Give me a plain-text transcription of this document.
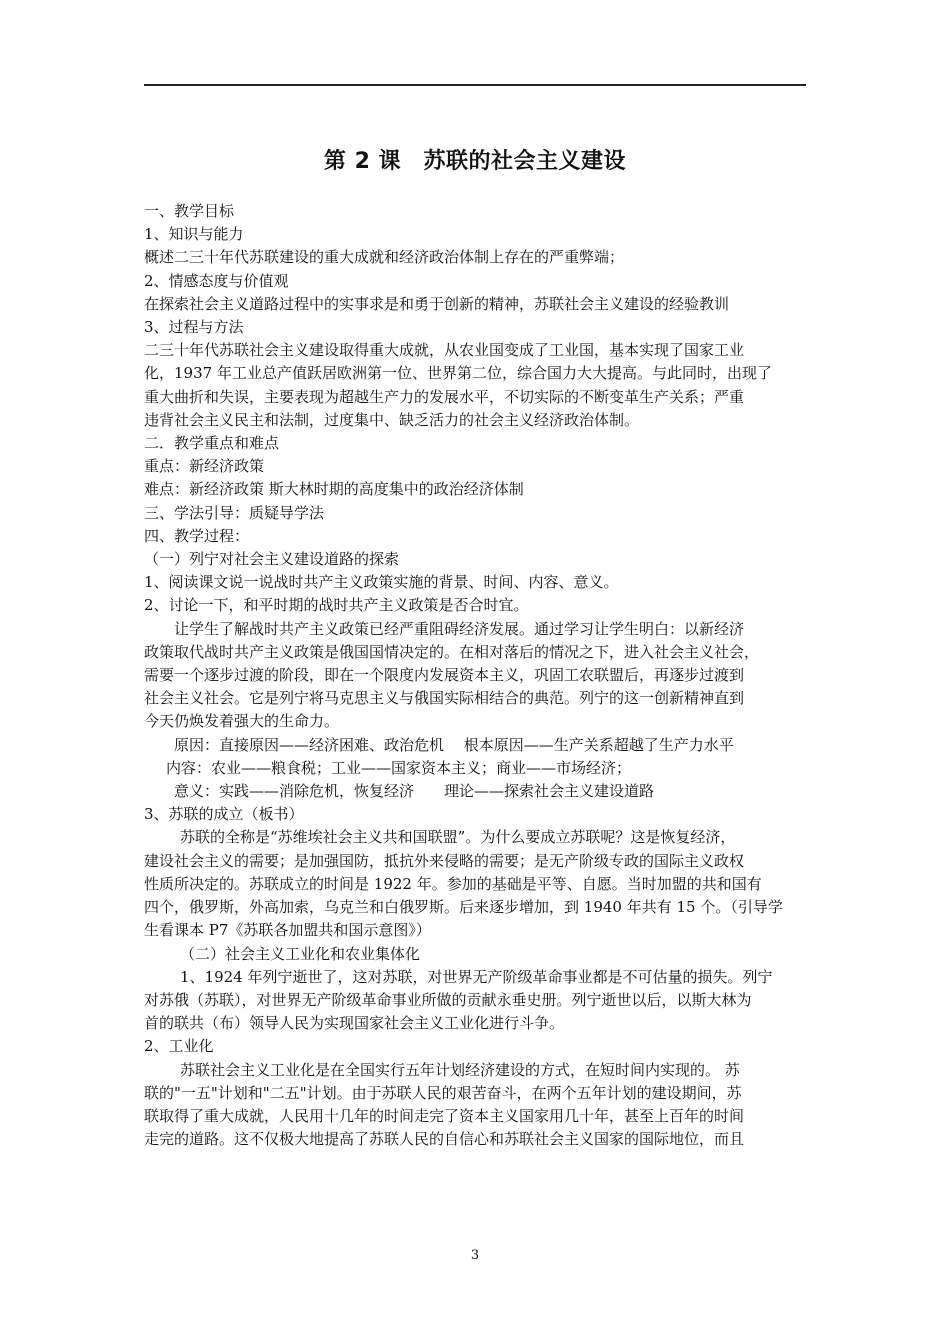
第 2 课　苏联的社会主义建设

一、教学目标

1、知识与能力

概述二三十年代苏联建设的重大成就和经济政治体制上存在的严重弊端；

2、情感态度与价值观

在探索社会主义道路过程中的实事求是和勇于创新的精神，苏联社会主义建设的经验教训

3、过程与方法

二三十年代苏联社会主义建设取得重大成就，从农业国变成了工业国，基本实现了国家工业

化，1937 年工业总产值跃居欧洲第一位、世界第二位，综合国力大大提高。与此同时，出现了

重大曲折和失误，主要表现为超越生产力的发展水平，不切实际的不断变革生产关系；严重

违背社会主义民主和法制，过度集中、缺乏活力的社会主义经济政治体制。

二．教学重点和难点

重点：新经济政策

难点：新经济政策 斯大林时期的高度集中的政治经济体制

三、学法引导：质疑导学法

四、教学过程：

（一）列宁对社会主义建设道路的探索

1、阅读课文说一说战时共产主义政策实施的背景、时间、内容、意义。

2、讨论一下，和平时期的战时共产主义政策是否合时宜。

让学生了解战时共产主义政策已经严重阻碍经济发展。通过学习让学生明白：以新经济

政策取代战时共产主义政策是俄国国情决定的。在相对落后的情况之下，进入社会主义社会，

需要一个逐步过渡的阶段，即在一个限度内发展资本主义，巩固工农联盟后，再逐步过渡到

社会主义社会。它是列宁将马克思主义与俄国实际相结合的典范。列宁的这一创新精神直到

今天仍焕发着强大的生命力。

原因：直接原因——经济困难、政治危机　 根本原因——生产关系超越了生产力水平

内容：农业——粮食税；工业——国家资本主义；商业——市场经济；

意义：实践——消除危机，恢复经济　　理论——探索社会主义建设道路

3、苏联的成立（板书）

苏联的全称是“苏维埃社会主义共和国联盟”。为什么要成立苏联呢？这是恢复经济，

建设社会主义的需要；是加强国防，抵抗外来侵略的需要；是无产阶级专政的国际主义政权

性质所决定的。苏联成立的时间是 1922 年。参加的基础是平等、自愿。当时加盟的共和国有

四个，俄罗斯，外高加索，乌克兰和白俄罗斯。后来逐步增加，到 1940 年共有 15 个。（引导学

生看课本 P7《苏联各加盟共和国示意图》）

（二）社会主义工业化和农业集体化

1、1924 年列宁逝世了，这对苏联，对世界无产阶级革命事业都是不可估量的损失。列宁

对苏俄（苏联），对世界无产阶级革命事业所做的贡献永垂史册。列宁逝世以后，以斯大林为

首的联共（布）领导人民为实现国家社会主义工业化进行斗争。

2、工业化

苏联社会主义工业化是在全国实行五年计划经济建设的方式，在短时间内实现的。 苏

联的"一五"计划和"二五"计划。由于苏联人民的艰苦奋斗，在两个五年计划的建设期间，苏

联取得了重大成就，人民用十几年的时间走完了资本主义国家用几十年，甚至上百年的时间

走完的道路。这不仅极大地提高了苏联人民的自信心和苏联社会主义国家的国际地位，而且

3
